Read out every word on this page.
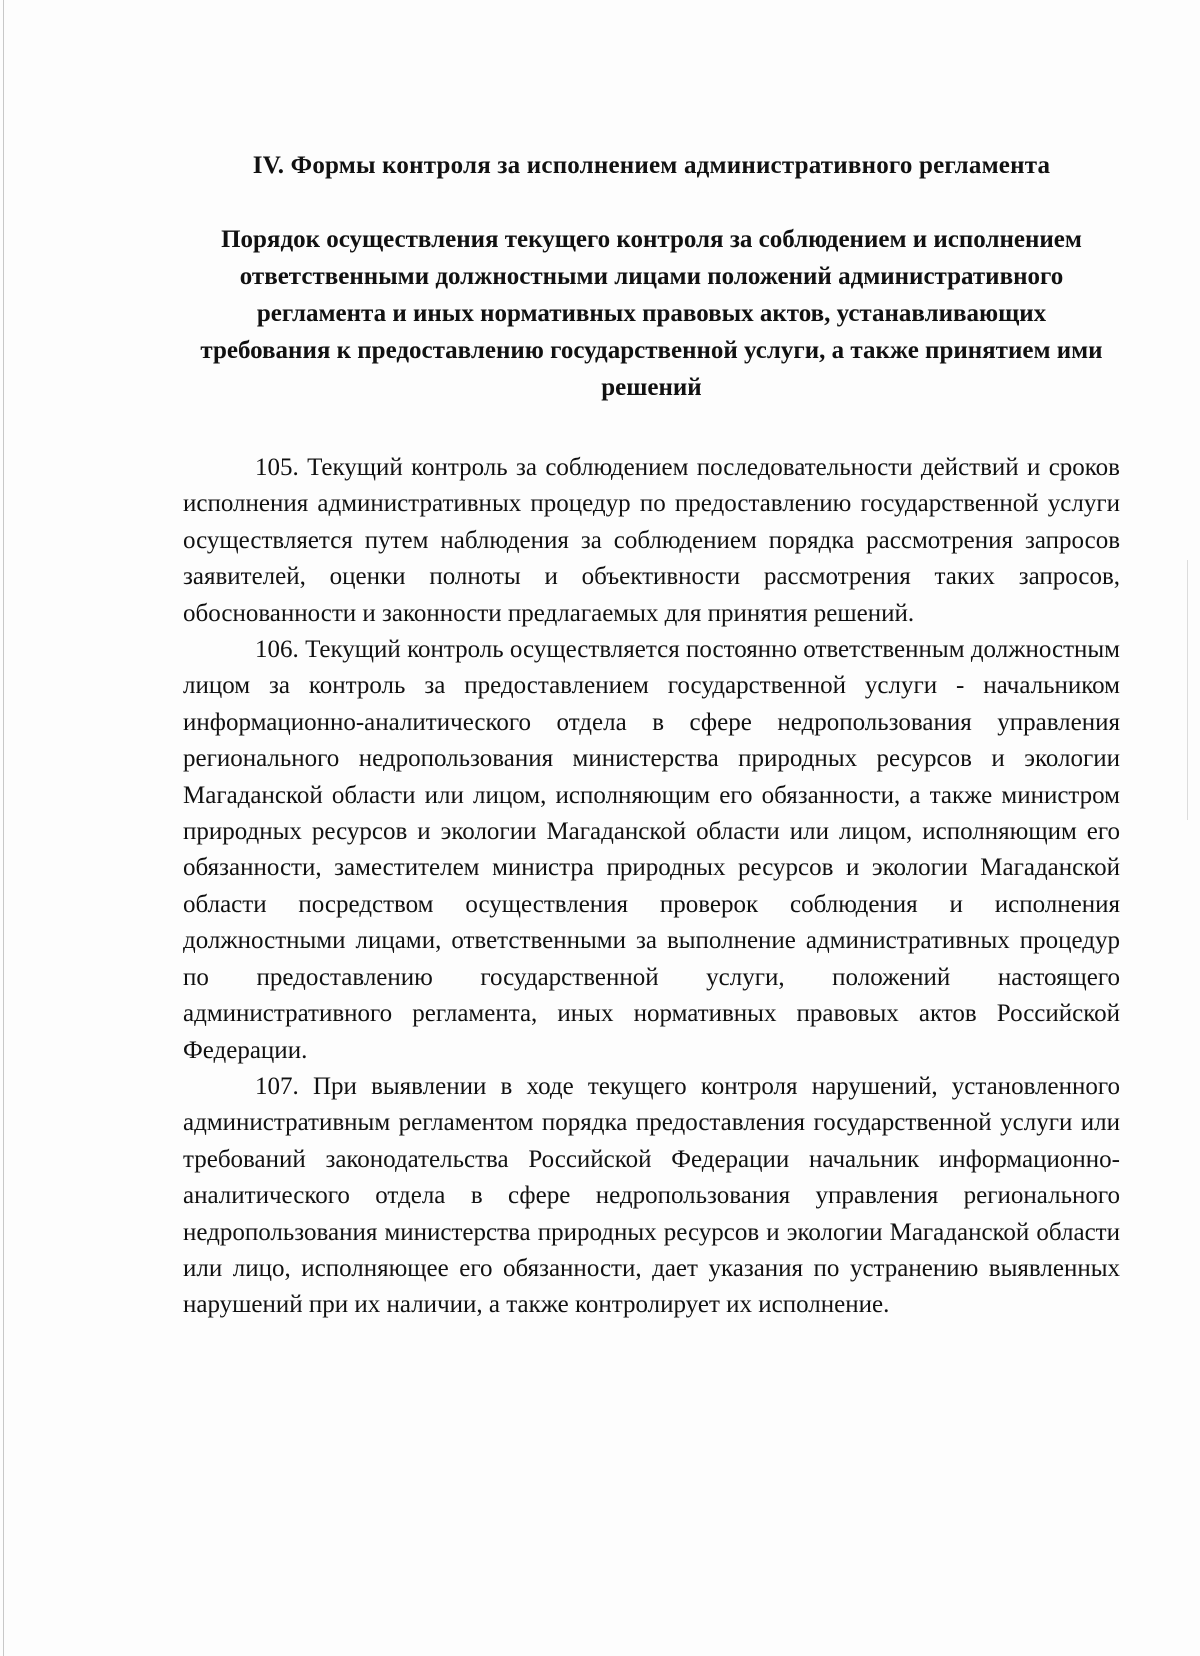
IV. Формы контроля за исполнением административного регламента
Порядок осуществления текущего контроля за соблюдением и исполнением ответственными должностными лицами положений административного регламента и иных нормативных правовых актов, устанавливающих требования к предоставлению государственной услуги, а также принятием ими решений

105. Текущий контроль за соблюдением последовательности действий и сроков исполнения административных процедур по предоставлению государственной услуги осуществляется путем наблюдения за соблюдением порядка рассмотрения запросов заявителей, оценки полноты и объективности рассмотрения таких запросов, обоснованности и законности предлагаемых для принятия решений.

106. Текущий контроль осуществляется постоянно ответственным должностным лицом за контроль за предоставлением государственной услуги - начальником информационно-аналитического отдела в сфере недропользования управления регионального недропользования министерства природных ресурсов и экологии Магаданской области или лицом, исполняющим его обязанности, а также министром природных ресурсов и экологии Магаданской области или лицом, исполняющим его обязанности, заместителем министра природных ресурсов и экологии Магаданской области посредством осуществления проверок соблюдения и исполнения должностными лицами, ответственными за выполнение административных процедур по предоставлению государственной услуги, положений настоящего административного регламента, иных нормативных правовых актов Российской Федерации.

107. При выявлении в ходе текущего контроля нарушений, установленного административным регламентом порядка предоставления государственной услуги или требований законодательства Российской Федерации начальник информационно-аналитического отдела в сфере недропользования управления регионального недропользования министерства природных ресурсов и экологии Магаданской области или лицо, исполняющее его обязанности, дает указания по устранению выявленных нарушений при их наличии, а также контролирует их исполнение.
